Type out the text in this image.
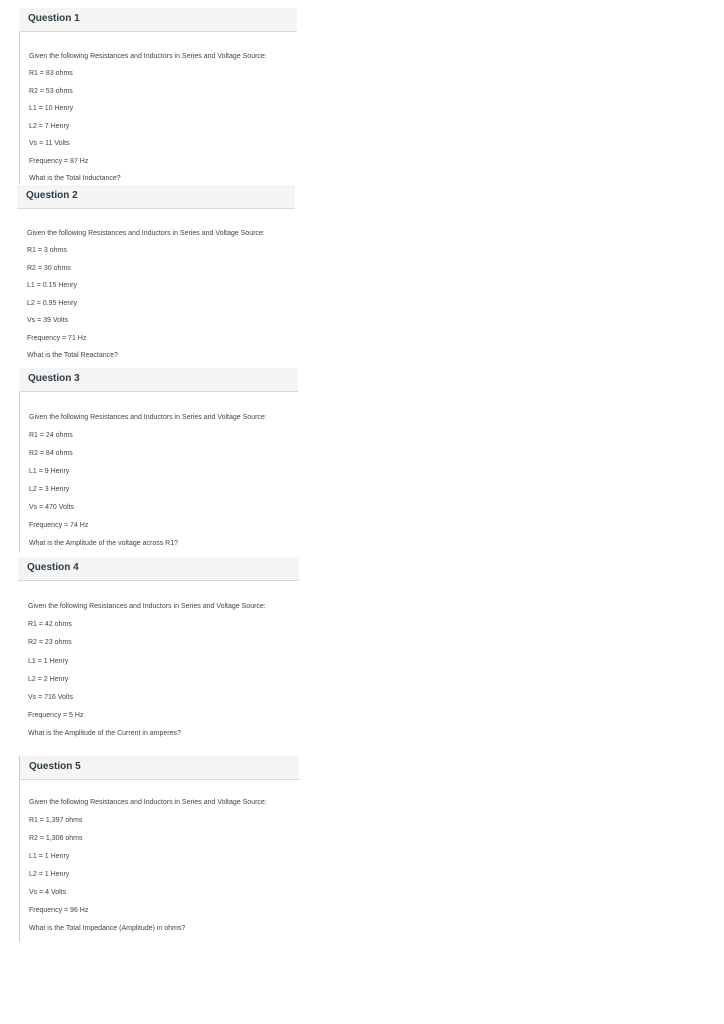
Question 1
Given the following Resistances and Inductors in Series and Voltage Source:
R1 = 83 ohms
R2 = 53 ohms
L1 = 10 Henry
L2 = 7 Henry
Vs = 11 Volts
Frequency = 87 Hz
What is the Total Inductance?
Question 2
Given the following Resistances and Inductors in Series and Voltage Source:
R1 = 3 ohms
R2 = 30 ohms
L1 = 0.15 Henry
L2 = 0.95 Henry
Vs = 39 Volts
Frequency = 71 Hz
What is the Total Reactance?
Question 3
Given the following Resistances and Inductors in Series and Voltage Source:
R1 = 24 ohms
R2 = 84 ohms
L1 = 9 Henry
L2 = 3 Henry
Vs = 470 Volts
Frequency = 74 Hz
What is the Amplitude of the voltage across R1?
Question 4
Given the following Resistances and Inductors in Series and Voltage Source:
R1 = 42 ohms
R2 = 23 ohms
L1 = 1 Henry
L2 = 2 Henry
Vs = 716 Volts
Frequency = 5 Hz
What is the Amplitude of the Current in amperes?
Question 5
Given the following Resistances and Inductors in Series and Voltage Source:
R1 = 1,397 ohms
R2 = 1,306 ohms
L1 = 1 Henry
L2 = 1 Henry
Vs = 4 Volts
Frequency = 96 Hz
What is the Total Impedance (Amplitude) in ohms?
